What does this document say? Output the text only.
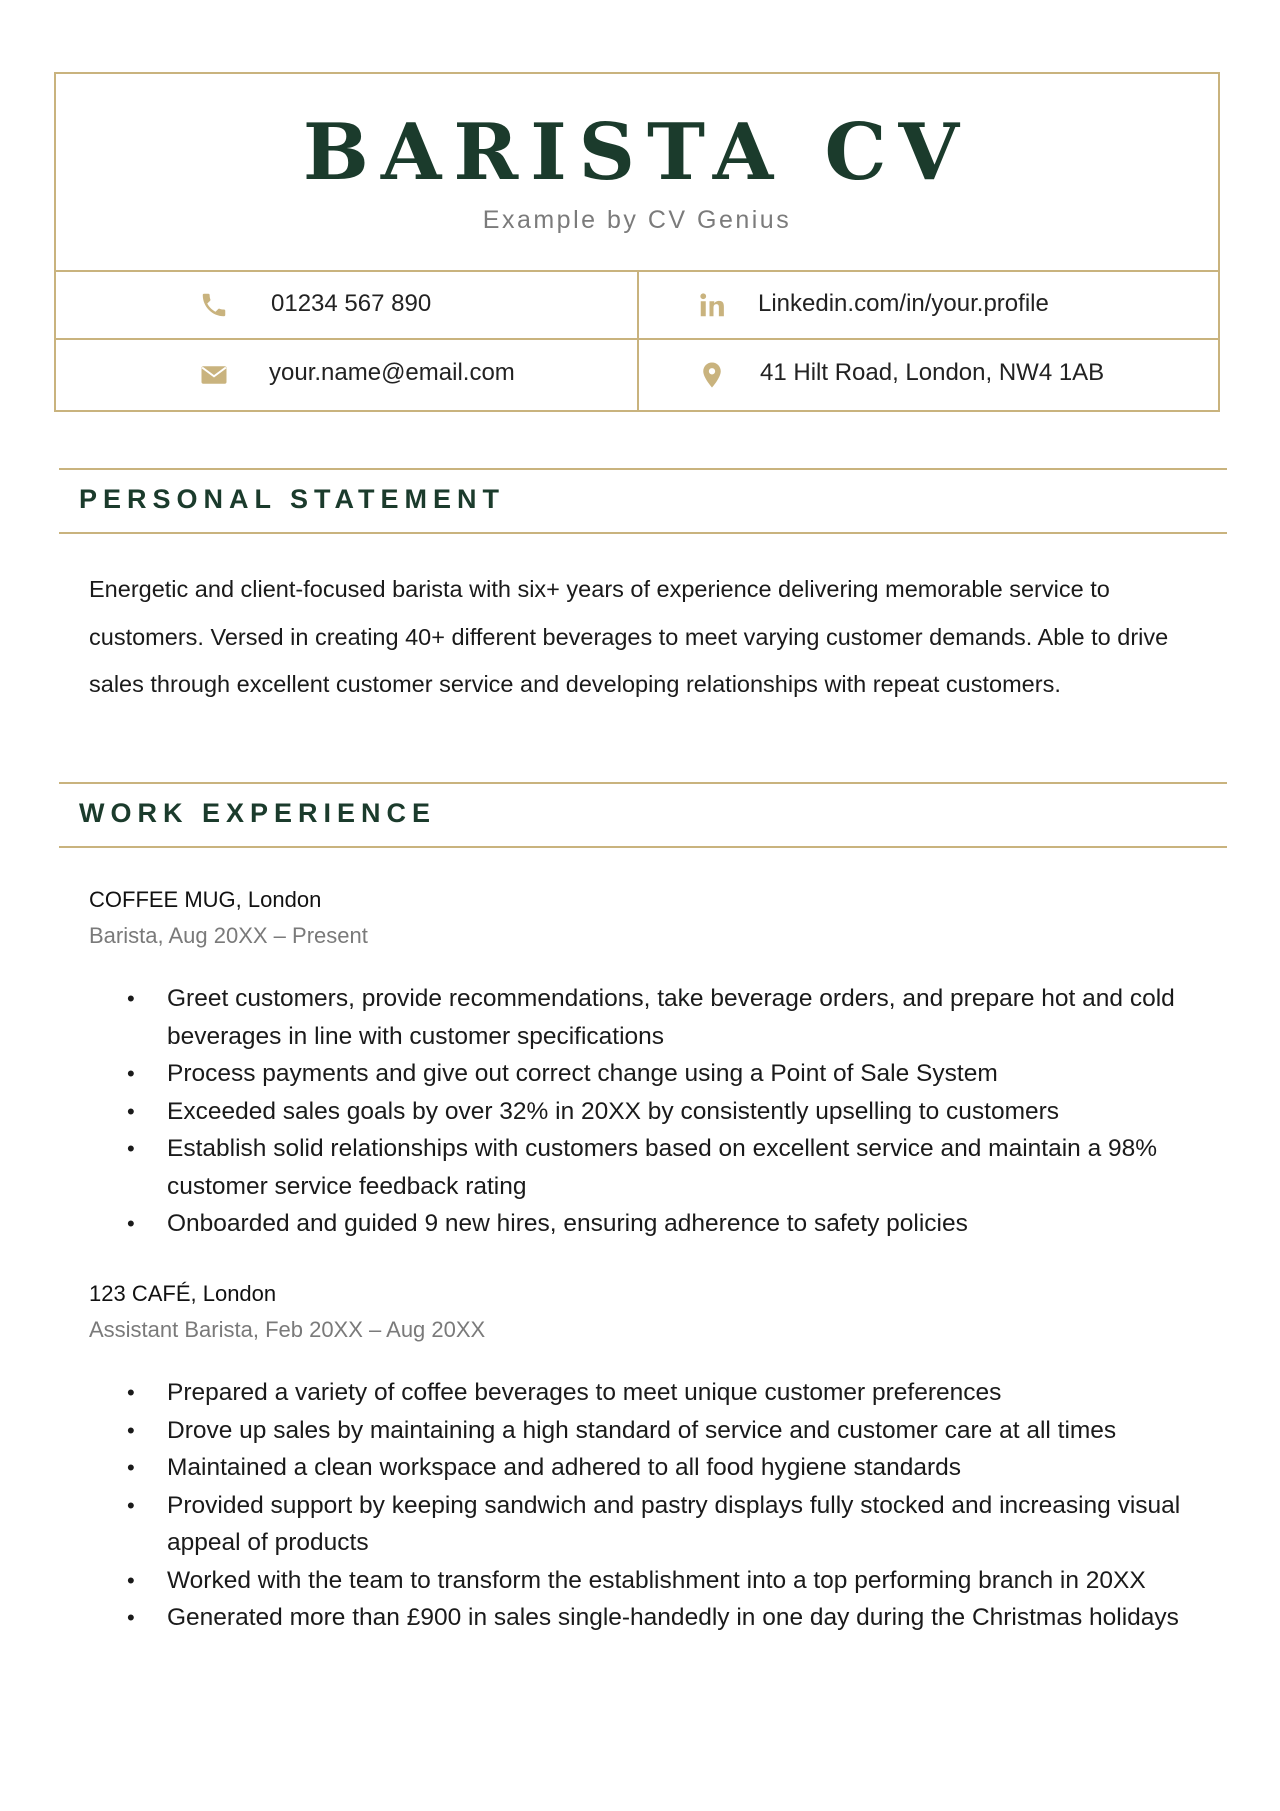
BARISTA CV
Example by CV Genius
01234 567 890	Linkedin.com/in/your.profile
your.name@email.com	41 Hilt Road, London, NW4 1AB
PERSONAL STATEMENT
Energetic and client-focused barista with six+ years of experience delivering memorable service to customers. Versed in creating 40+ different beverages to meet varying customer demands. Able to drive sales through excellent customer service and developing relationships with repeat customers.
WORK EXPERIENCE
COFFEE MUG, London
Barista, Aug 20XX – Present
• Greet customers, provide recommendations, take beverage orders, and prepare hot and cold beverages in line with customer specifications
• Process payments and give out correct change using a Point of Sale System
• Exceeded sales goals by over 32% in 20XX by consistently upselling to customers
• Establish solid relationships with customers based on excellent service and maintain a 98% customer service feedback rating
• Onboarded and guided 9 new hires, ensuring adherence to safety policies
123 CAFÉ, London
Assistant Barista, Feb 20XX – Aug 20XX
• Prepared a variety of coffee beverages to meet unique customer preferences
• Drove up sales by maintaining a high standard of service and customer care at all times
• Maintained a clean workspace and adhered to all food hygiene standards
• Provided support by keeping sandwich and pastry displays fully stocked and increasing visual appeal of products
• Worked with the team to transform the establishment into a top performing branch in 20XX
• Generated more than £900 in sales single-handedly in one day during the Christmas holidays
